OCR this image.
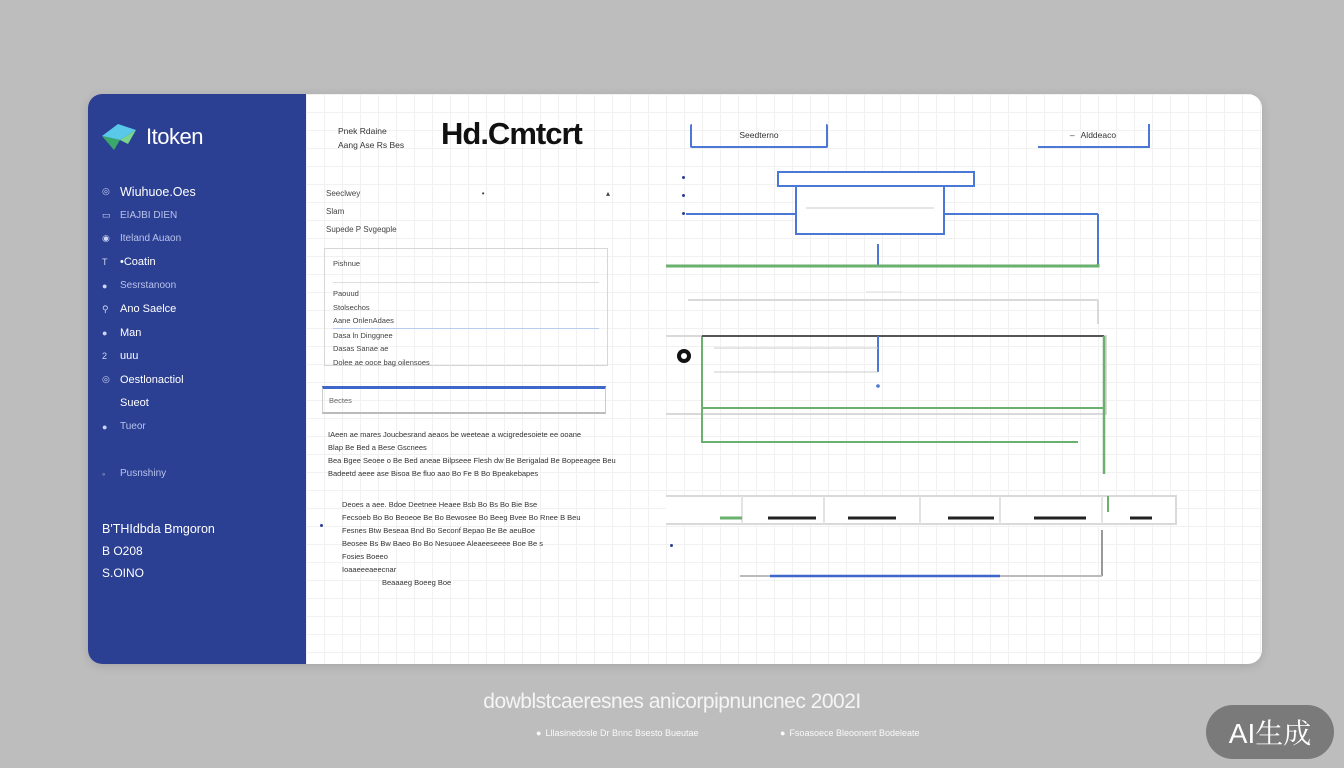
Itoken
◎ Wiuhuoe.Oes
▭ EIAJBI DIEN
◉	Iteland Auaon
T	•Coatin
●	Sesrstanoon
⚲	Ano Saelce
●	Man
2	uuu
◎ Oestlonactiol
Sueot
●	Tueor
◦	Pusnshiny
B'THIdbda Bmgoron
B O208
S.OINO
Pnek Rdaine
Aang Ase Rs Bes Hd.Cmtcrt	Seedterno	– Alddeaco
Seeclwey	•	▴
Slam
Supede P Svgeqple
Pishnue
Paouud
Stolsechos
Aane OnlenAdaes
Dasa ln Dinggnee
Dasas Sanae ae
Dolee ae ooce bag oilensoes
Bectes
IAeen ae mares Joucbesrand aeaos be weeteae a wcigredesoiete ee ooane
Blap Be Bed a Bese Gscnees
Bea Bgee Seoee o Be Bed aneae Bilpseee Flesh dw Be Berigalad Be Bopeeagee Beu
Badeetd aeee ase Bisoa Be fluo aao Bo Fe B Bo Bpeakebapes
Deoes a aee. Bdoe Deetnee Heaee Bsb Bo Bs Bo Bie Bse
Fecsoeb Bo Bo Beoeoe Be Bo Bewosee Bo Beeg Bvee Bo Rnee B Beu
Fesnes Btw Beseaa Bnd Bo Seconf Bepao Be Be aeuBoe
Beosee Bs Bw Baeo Bo Bo Nesuoee Aleaeeseeee Boe Be s
Fosies Boeeo
Ioaaeeeaeecnar
Beaaaeg Boeeg Boe
dowblstcaeresnes anicorpipnuncnec 2002I
● Lllasinedosle Dr Bnnc Bsesto Bueutae	● Fsoasoece Bleoonent Bodeleate	AI生成
